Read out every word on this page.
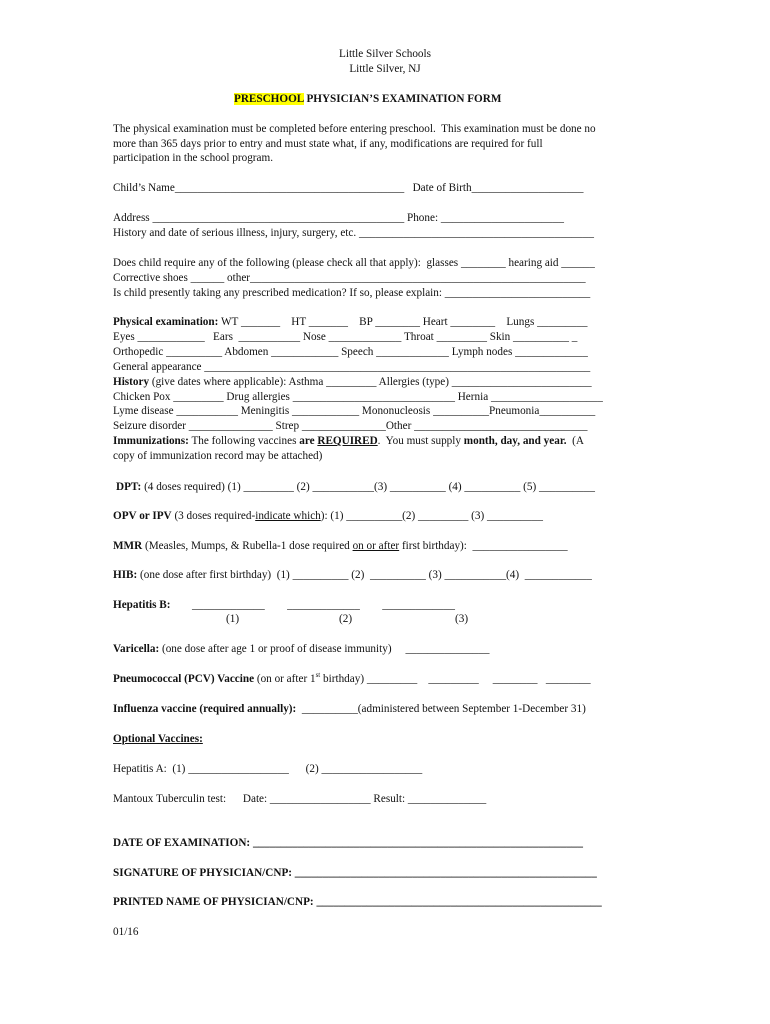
Little Silver Schools
Little Silver, NJ
PRESCHOOL PHYSICIAN’S EXAMINATION FORM
The physical examination must be completed before entering preschool.  This examination must be done no
more than 365 days prior to entry and must state what, if any, modifications are required for full
participation in the school program.
Child’s Name_________________________________________   Date of Birth____________________
Address _____________________________________________ Phone: ______________________
History and date of serious illness, injury, surgery, etc. __________________________________________
Does child require any of the following (please check all that apply):  glasses ________ hearing aid ______
Corrective shoes ______ other____________________________________________________________
Is child presently taking any prescribed medication? If so, please explain: __________________________
Physical examination: WT _______    HT _______    BP ________ Heart ________    Lungs _________
Eyes ____________   Ears  ___________ Nose _____________ Throat _________ Skin __________ _
Orthopedic __________ Abdomen ____________ Speech _____________ Lymph nodes _____________
General appearance _____________________________________________________________________
History (give dates where applicable): Asthma _________ Allergies (type) _________________________
Chicken Pox _________ Drug allergies _____________________________ Hernia ____________________
Lyme disease ___________ Meningitis ____________ Mononucleosis __________Pneumonia__________
Seizure disorder _______________ Strep _______________Other _______________________________
Immunizations: The following vaccines are REQUIRED.  You must supply month, day, and year.  (A
copy of immunization record may be attached)
DPT: (4 doses required) (1) _________ (2) ___________(3) __________ (4) __________ (5) __________
OPV or IPV (3 doses required-indicate which): (1) __________(2) _________ (3) __________
MMR (Measles, Mumps, & Rubella-1 dose required on or after first birthday):  _________________
HIB: (one dose after first birthday)  (1) __________ (2)  __________ (3) ___________(4)  ____________
Hepatitis B: _____________        _____________        _____________
(1)	(2)	(3)
Varicella: (one dose after age 1 or proof of disease immunity)     _______________
Pneumococcal (PCV) Vaccine (on or after 1st birthday) _________    _________     ________   ________
Influenza vaccine (required annually):  __________(administered between September 1-December 31)
Optional Vaccines:
Hepatitis A:  (1) __________________      (2) __________________
Mantoux Tuberculin test:      Date: __________________ Result: ______________
DATE OF EXAMINATION: ___________________________________________________________
SIGNATURE OF PHYSICIAN/CNP: ______________________________________________________
PRINTED NAME OF PHYSICIAN/CNP: ___________________________________________________
01/16
